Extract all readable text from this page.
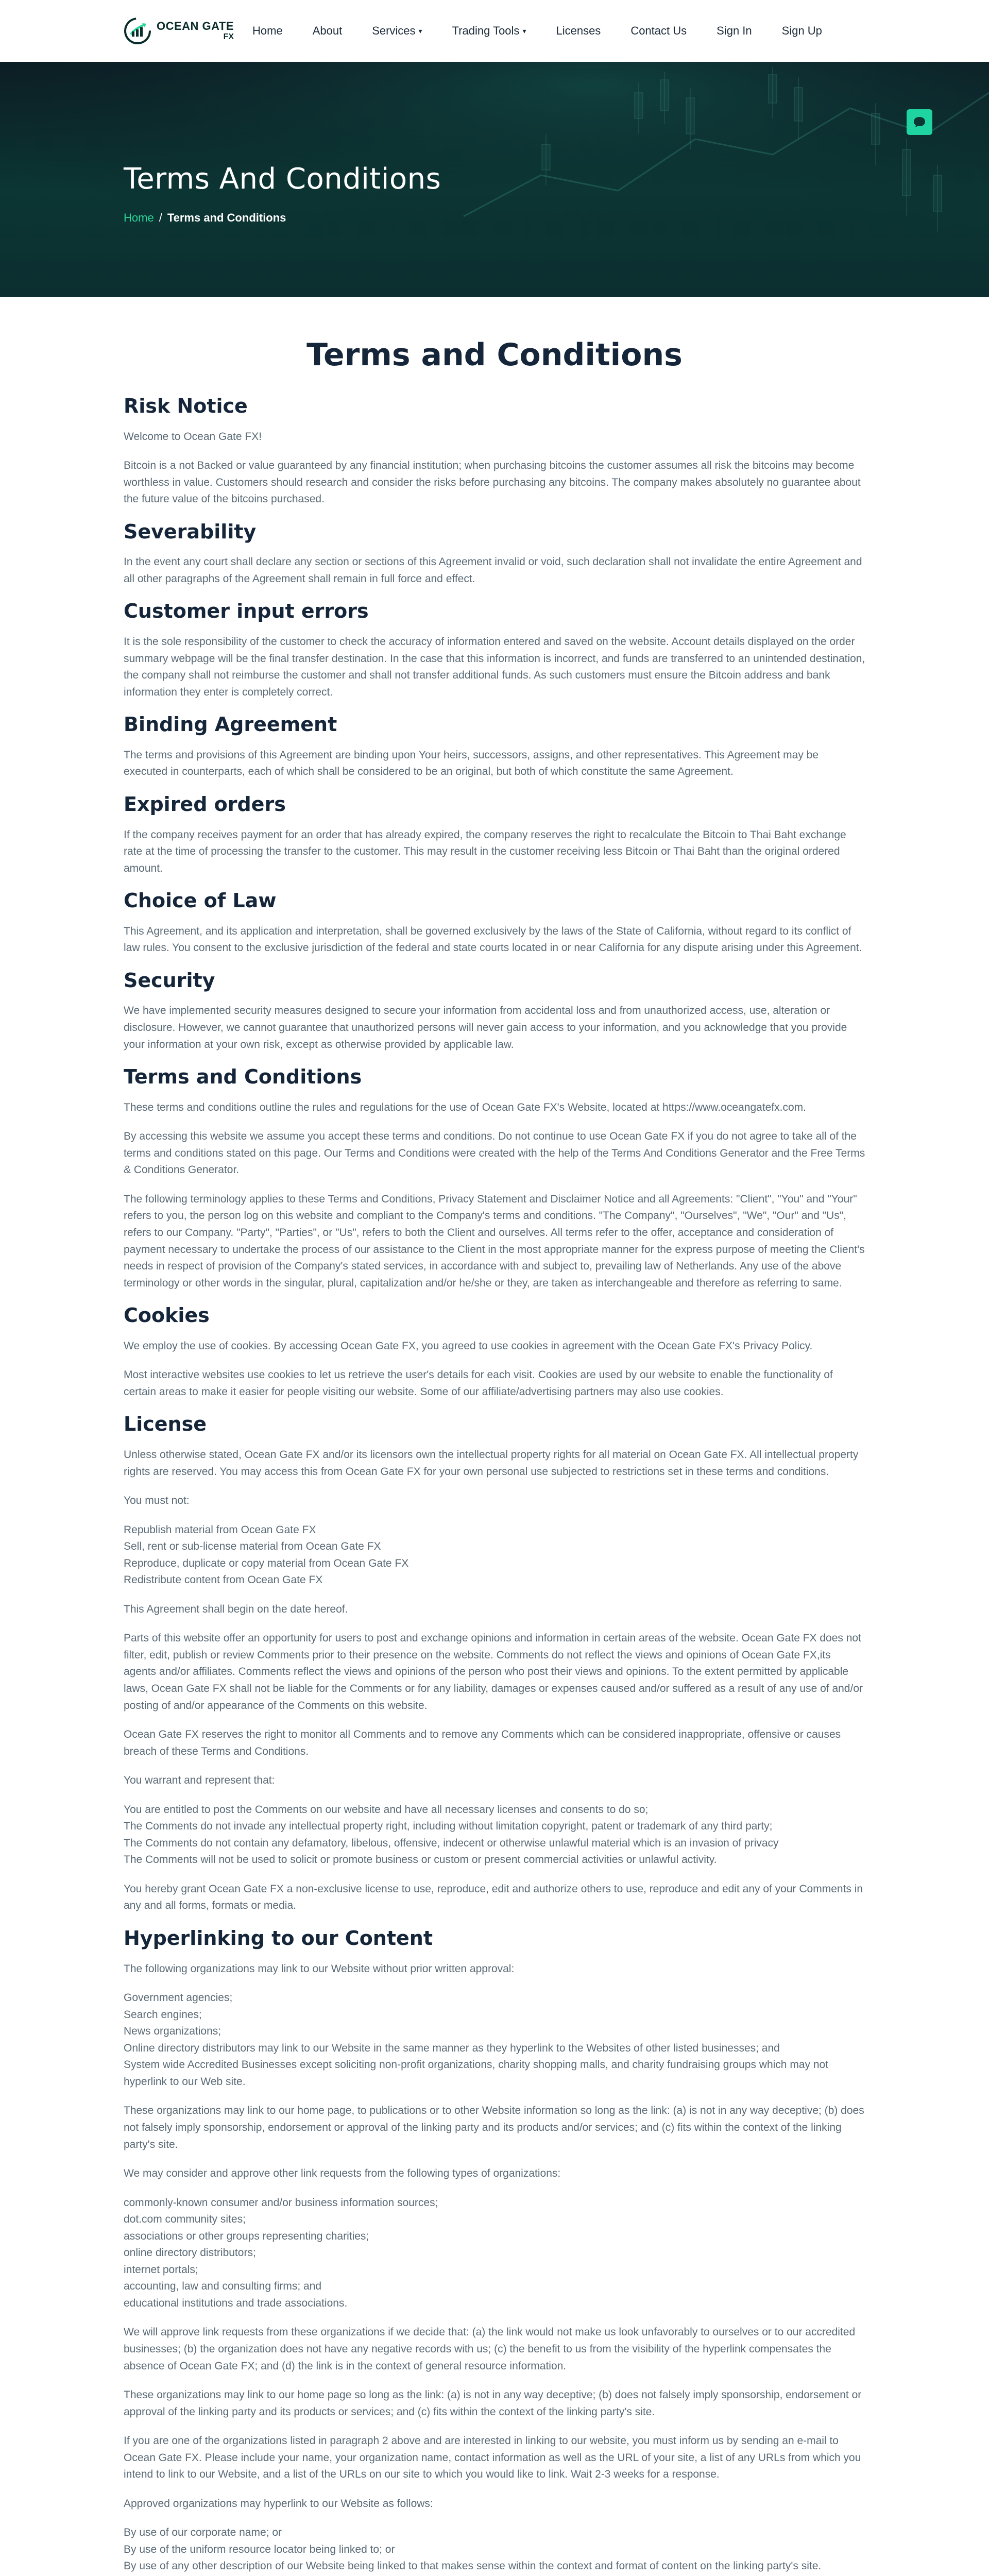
OCEAN GATE
FX Home	About	Services ▾	Trading Tools ▾	Licenses	Contact Us	Sign In	Sign Up
Terms And Conditions
Home / Terms and Conditions
Terms and Conditions
Risk Notice

Welcome to Ocean Gate FX!

Bitcoin is a not Backed or value guaranteed by any financial institution; when purchasing bitcoins the customer assumes all risk the bitcoins may become worthless in value. Customers should research and consider the risks before purchasing any bitcoins. The company makes absolutely no guarantee about the future value of the bitcoins purchased.

Severability

In the event any court shall declare any section or sections of this Agreement invalid or void, such declaration shall not invalidate the entire Agreement and all other paragraphs of the Agreement shall remain in full force and effect.

Customer input errors

It is the sole responsibility of the customer to check the accuracy of information entered and saved on the website. Account details displayed on the order summary webpage will be the final transfer destination. In the case that this information is incorrect, and funds are transferred to an unintended destination, the company shall not reimburse the customer and shall not transfer additional funds. As such customers must ensure the Bitcoin address and bank information they enter is completely correct.

Binding Agreement

The terms and provisions of this Agreement are binding upon Your heirs, successors, assigns, and other representatives. This Agreement may be executed in counterparts, each of which shall be considered to be an original, but both of which constitute the same Agreement.

Expired orders

If the company receives payment for an order that has already expired, the company reserves the right to recalculate the Bitcoin to Thai Baht exchange rate at the time of processing the transfer to the customer. This may result in the customer receiving less Bitcoin or Thai Baht than the original ordered amount.

Choice of Law

This Agreement, and its application and interpretation, shall be governed exclusively by the laws of the State of California, without regard to its conflict of law rules. You consent to the exclusive jurisdiction of the federal and state courts located in or near California for any dispute arising under this Agreement.

Security

We have implemented security measures designed to secure your information from accidental loss and from unauthorized access, use, alteration or disclosure. However, we cannot guarantee that unauthorized persons will never gain access to your information, and you acknowledge that you provide your information at your own risk, except as otherwise provided by applicable law.

Terms and Conditions

These terms and conditions outline the rules and regulations for the use of Ocean Gate FX's Website, located at https://www.oceangatefx.com.

By accessing this website we assume you accept these terms and conditions. Do not continue to use Ocean Gate FX if you do not agree to take all of the terms and conditions stated on this page. Our Terms and Conditions were created with the help of the Terms And Conditions Generator and the Free Terms & Conditions Generator.

The following terminology applies to these Terms and Conditions, Privacy Statement and Disclaimer Notice and all Agreements: "Client", "You" and "Your" refers to you, the person log on this website and compliant to the Company's terms and conditions. "The Company", "Ourselves", "We", "Our" and "Us", refers to our Company. "Party", "Parties", or "Us", refers to both the Client and ourselves. All terms refer to the offer, acceptance and consideration of payment necessary to undertake the process of our assistance to the Client in the most appropriate manner for the express purpose of meeting the Client's needs in respect of provision of the Company's stated services, in accordance with and subject to, prevailing law of Netherlands. Any use of the above terminology or other words in the singular, plural, capitalization and/or he/she or they, are taken as interchangeable and therefore as referring to same.

Cookies

We employ the use of cookies. By accessing Ocean Gate FX, you agreed to use cookies in agreement with the Ocean Gate FX's Privacy Policy.

Most interactive websites use cookies to let us retrieve the user's details for each visit. Cookies are used by our website to enable the functionality of certain areas to make it easier for people visiting our website. Some of our affiliate/advertising partners may also use cookies.

License

Unless otherwise stated, Ocean Gate FX and/or its licensors own the intellectual property rights for all material on Ocean Gate FX. All intellectual property rights are reserved. You may access this from Ocean Gate FX for your own personal use subjected to restrictions set in these terms and conditions.

You must not:

Republish material from Ocean Gate FX
Sell, rent or sub-license material from Ocean Gate FX
Reproduce, duplicate or copy material from Ocean Gate FX
Redistribute content from Ocean Gate FX

This Agreement shall begin on the date hereof.

Parts of this website offer an opportunity for users to post and exchange opinions and information in certain areas of the website. Ocean Gate FX does not filter, edit, publish or review Comments prior to their presence on the website. Comments do not reflect the views and opinions of Ocean Gate FX,its agents and/or affiliates. Comments reflect the views and opinions of the person who post their views and opinions. To the extent permitted by applicable laws, Ocean Gate FX shall not be liable for the Comments or for any liability, damages or expenses caused and/or suffered as a result of any use of and/or posting of and/or appearance of the Comments on this website.

Ocean Gate FX reserves the right to monitor all Comments and to remove any Comments which can be considered inappropriate, offensive or causes breach of these Terms and Conditions.

You warrant and represent that:

You are entitled to post the Comments on our website and have all necessary licenses and consents to do so;
The Comments do not invade any intellectual property right, including without limitation copyright, patent or trademark of any third party;
The Comments do not contain any defamatory, libelous, offensive, indecent or otherwise unlawful material which is an invasion of privacy
The Comments will not be used to solicit or promote business or custom or present commercial activities or unlawful activity.

You hereby grant Ocean Gate FX a non-exclusive license to use, reproduce, edit and authorize others to use, reproduce and edit any of your Comments in any and all forms, formats or media.

Hyperlinking to our Content

The following organizations may link to our Website without prior written approval:

Government agencies;
Search engines;
News organizations;
Online directory distributors may link to our Website in the same manner as they hyperlink to the Websites of other listed businesses; and
System wide Accredited Businesses except soliciting non-profit organizations, charity shopping malls, and charity fundraising groups which may not hyperlink to our Web site.

These organizations may link to our home page, to publications or to other Website information so long as the link: (a) is not in any way deceptive; (b) does not falsely imply sponsorship, endorsement or approval of the linking party and its products and/or services; and (c) fits within the context of the linking party's site.

We may consider and approve other link requests from the following types of organizations:

commonly-known consumer and/or business information sources;
dot.com community sites;
associations or other groups representing charities;
online directory distributors;
internet portals;
accounting, law and consulting firms; and
educational institutions and trade associations.

We will approve link requests from these organizations if we decide that: (a) the link would not make us look unfavorably to ourselves or to our accredited businesses; (b) the organization does not have any negative records with us; (c) the benefit to us from the visibility of the hyperlink compensates the absence of Ocean Gate FX; and (d) the link is in the context of general resource information.

These organizations may link to our home page so long as the link: (a) is not in any way deceptive; (b) does not falsely imply sponsorship, endorsement or approval of the linking party and its products or services; and (c) fits within the context of the linking party's site.

If you are one of the organizations listed in paragraph 2 above and are interested in linking to our website, you must inform us by sending an e-mail to Ocean Gate FX. Please include your name, your organization name, contact information as well as the URL of your site, a list of any URLs from which you intend to link to our Website, and a list of the URLs on our site to which you would like to link. Wait 2-3 weeks for a response.

Approved organizations may hyperlink to our Website as follows:

By use of our corporate name; or
By use of the uniform resource locator being linked to; or
By use of any other description of our Website being linked to that makes sense within the context and format of content on the linking party's site.
